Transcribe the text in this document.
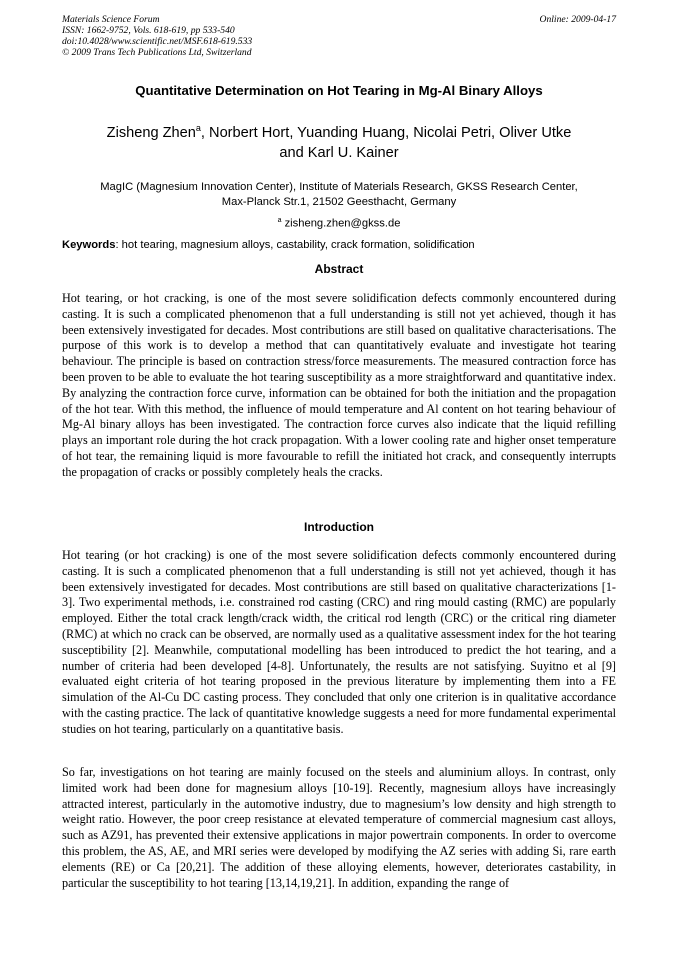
Materials Science Forum
ISSN: 1662-9752, Vols. 618-619, pp 533-540
doi:10.4028/www.scientific.net/MSF.618-619.533
© 2009 Trans Tech Publications Ltd, Switzerland
Online: 2009-04-17
Quantitative Determination on Hot Tearing in Mg-Al Binary Alloys
Zisheng Zhen$^a$, Norbert Hort, Yuanding Huang, Nicolai Petri, Oliver Utke
and Karl U. Kainer
MagIC (Magnesium Innovation Center), Institute of Materials Research, GKSS Research Center,
Max-Planck Str.1, 21502 Geesthacht, Germany
$^a$ zisheng.zhen@gkss.de
Keywords: hot tearing, magnesium alloys, castability, crack formation, solidification
Abstract

Hot tearing, or hot cracking, is one of the most severe solidification defects commonly encountered during casting. It is such a complicated phenomenon that a full understanding is still not yet achieved, though it has been extensively investigated for decades. Most contributions are still based on qualitative characterisations. The purpose of this work is to develop a method that can quantitatively evaluate and investigate hot tearing behaviour. The principle is based on contraction stress/force measurements. The measured contraction force has been proven to be able to evaluate the hot tearing susceptibility as a more straightforward and quantitative index. By analyzing the contraction force curve, information can be obtained for both the initiation and the propagation of the hot tear. With this method, the influence of mould temperature and Al content on hot tearing behaviour of Mg-Al binary alloys has been investigated. The contraction force curves also indicate that the liquid refilling plays an important role during the hot crack propagation. With a lower cooling rate and higher onset temperature of hot tear, the remaining liquid is more favourable to refill the initiated hot crack, and consequently interrupts the propagation of cracks or possibly completely heals the cracks.

Introduction

Hot tearing (or hot cracking) is one of the most severe solidification defects commonly encountered during casting. It is such a complicated phenomenon that a full understanding is still not yet achieved, though it has been extensively investigated for decades. Most contributions are still based on qualitative characterizations [1-3]. Two experimental methods, i.e. constrained rod casting (CRC) and ring mould casting (RMC) are popularly employed. Either the total crack length/crack width, the critical rod length (CRC) or the critical ring diameter (RMC) at which no crack can be observed, are normally used as a qualitative assessment index for the hot tearing susceptibility [2]. Meanwhile, computational modelling has been introduced to predict the hot tearing, and a number of criteria had been developed [4-8]. Unfortunately, the results are not satisfying. Suyitno et al [9] evaluated eight criteria of hot tearing proposed in the previous literature by implementing them into a FE simulation of the Al-Cu DC casting process. They concluded that only one criterion is in qualitative accordance with the casting practice. The lack of quantitative knowledge suggests a need for more fundamental experimental studies on hot tearing, particularly on a quantitative basis.

So far, investigations on hot tearing are mainly focused on the steels and aluminium alloys. In contrast, only limited work had been done for magnesium alloys [10-19]. Recently, magnesium alloys have increasingly attracted interest, particularly in the automotive industry, due to magnesium’s low density and high strength to weight ratio. However, the poor creep resistance at elevated temperature of commercial magnesium cast alloys, such as AZ91, has prevented their extensive applications in major powertrain components. In order to overcome this problem, the AS, AE, and MRI series were developed by modifying the AZ series with adding Si, rare earth elements (RE) or Ca [20,21]. The addition of these alloying elements, however, deteriorates castability, in particular the susceptibility to hot tearing [13,14,19,21]. In addition, expanding the range of
